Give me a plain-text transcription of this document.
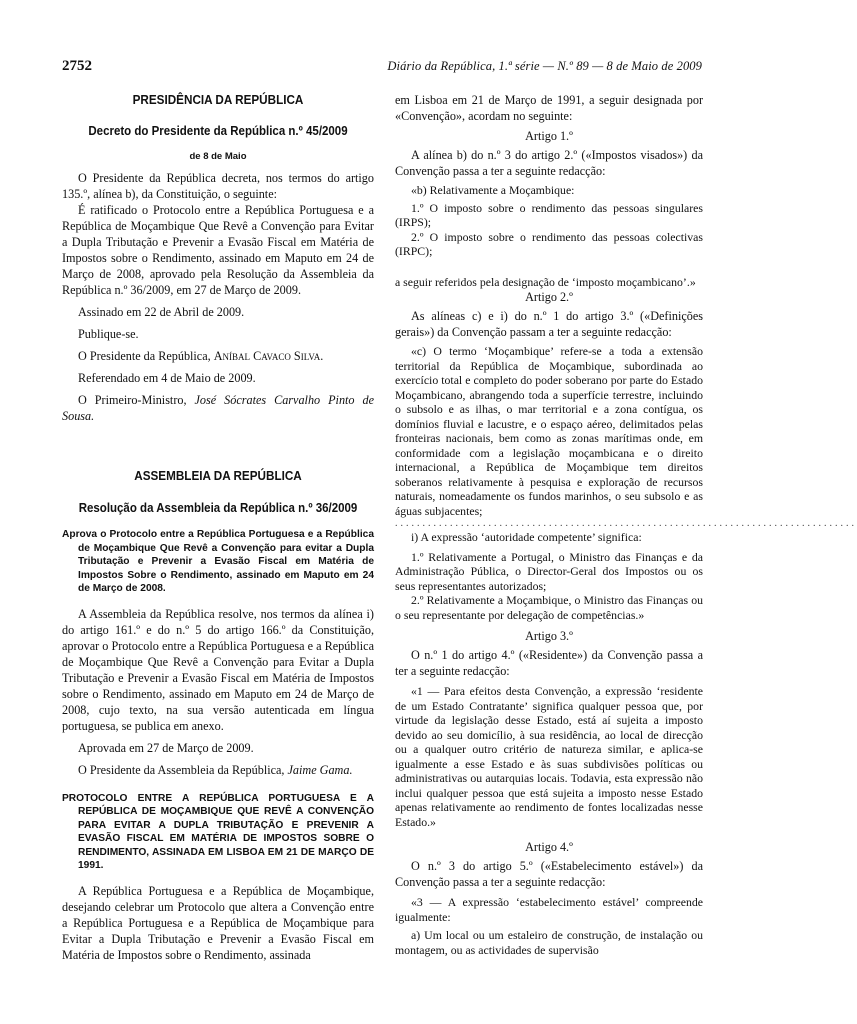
2752	Diário da República, 1.ª série — N.º 89 — 8 de Maio de 2009

PRESIDÊNCIA DA REPÚBLICA

Decreto do Presidente da República n.º 45/2009

de 8 de Maio

O Presidente da República decreta, nos termos do artigo 135.º, alínea b), da Constituição, o seguinte:

É ratificado o Protocolo entre a República Portuguesa e a República de Moçambique Que Revê a Convenção para Evitar a Dupla Tributação e Prevenir a Evasão Fiscal em Matéria de Impostos sobre o Rendimento, assinado em Maputo em 24 de Março de 2008, aprovado pela Resolução da Assembleia da República n.º 36/2009, em 27 de Março de 2009.

Assinado em 22 de Abril de 2009.

Publique-se.

O Presidente da República, Aníbal Cavaco Silva.

Referendado em 4 de Maio de 2009.

O Primeiro-Ministro, José Sócrates Carvalho Pinto de Sousa.

ASSEMBLEIA DA REPÚBLICA

Resolução da Assembleia da República n.º 36/2009

Aprova o Protocolo entre a República Portuguesa e a República de Moçambique Que Revê a Convenção para evitar a Dupla Tributação e Prevenir a Evasão Fiscal em Matéria de Impostos Sobre o Rendimento, assinado em Maputo em 24 de Março de 2008.

A Assembleia da República resolve, nos termos da alínea i) do artigo 161.º e do n.º 5 do artigo 166.º da Constituição, aprovar o Protocolo entre a República Portuguesa e a República de Moçambique Que Revê a Convenção para Evitar a Dupla Tributação e Prevenir a Evasão Fiscal em Matéria de Impostos sobre o Rendimento, assinado em Maputo em 24 de Março de 2008, cujo texto, na sua versão autenticada em língua portuguesa, se publica em anexo.

Aprovada em 27 de Março de 2009.

O Presidente da Assembleia da República, Jaime Gama.

PROTOCOLO ENTRE A REPÚBLICA PORTUGUESA E A REPÚBLICA DE MOÇAMBIQUE QUE REVÊ A CONVENÇÃO PARA EVITAR A DUPLA TRIBUTAÇÃO E PREVENIR A EVASÃO FISCAL EM MATÉRIA DE IMPOSTOS SOBRE O RENDIMENTO, ASSINADA EM LISBOA EM 21 DE MARÇO DE 1991.

A República Portuguesa e a República de Moçambique, desejando celebrar um Protocolo que altera a Convenção entre a República Portuguesa e a República de Moçambique para Evitar a Dupla Tributação e Prevenir a Evasão Fiscal em Matéria de Impostos sobre o Rendimento, assinada

em Lisboa em 21 de Março de 1991, a seguir designada por «Convenção», acordam no seguinte:

Artigo 1.º

A alínea b) do n.º 3 do artigo 2.º («Impostos visados») da Convenção passa a ter a seguinte redacção:

«b) Relativamente a Moçambique:

1.º O imposto sobre o rendimento das pessoas singulares (IRPS);

2.º O imposto sobre o rendimento das pessoas colectivas (IRPC);

a seguir referidos pela designação de ‘imposto moçambicano’.»

Artigo 2.º

As alíneas c) e i) do n.º 1 do artigo 3.º («Definições gerais») da Convenção passam a ter a seguinte redacção:

«c) O termo ‘Moçambique’ refere-se a toda a extensão territorial da República de Moçambique, subordinada ao exercício total e completo do poder soberano por parte do Estado Moçambicano, abrangendo toda a superfície terrestre, incluindo o subsolo e as ilhas, o mar territorial e a zona contígua, os domínios fluvial e lacustre, e o espaço aéreo, delimitados pelas fronteiras nacionais, bem como as zonas marítimas onde, em conformidade com a legislação moçambicana e o direito internacional, a República de Moçambique tem direitos soberanos relativamente à pesquisa e exploração de recursos naturais, nomeadamente os fundos marinhos, o seu subsolo e as águas subjacentes;

....................................................................................

i) A expressão ‘autoridade competente’ significa:

1.º Relativamente a Portugal, o Ministro das Finanças e da Administração Pública, o Director-Geral dos Impostos ou os seus representantes autorizados;

2.º Relativamente a Moçambique, o Ministro das Finanças ou o seu representante por delegação de competências.»

Artigo 3.º

O n.º 1 do artigo 4.º («Residente») da Convenção passa a ter a seguinte redacção:

«1 — Para efeitos desta Convenção, a expressão ‘residente de um Estado Contratante’ significa qualquer pessoa que, por virtude da legislação desse Estado, está aí sujeita a imposto devido ao seu domicílio, à sua residência, ao local de direcção ou a qualquer outro critério de natureza similar, e aplica-se igualmente a esse Estado e às suas subdivisões políticas ou administrativas ou autarquias locais. Todavia, esta expressão não inclui qualquer pessoa que está sujeita a imposto nesse Estado apenas relativamente ao rendimento de fontes localizadas nesse Estado.»

Artigo 4.º

O n.º 3 do artigo 5.º («Estabelecimento estável») da Convenção passa a ter a seguinte redacção:

«3 — A expressão ‘estabelecimento estável’ compreende igualmente:

a) Um local ou um estaleiro de construção, de instalação ou montagem, ou as actividades de supervisão
